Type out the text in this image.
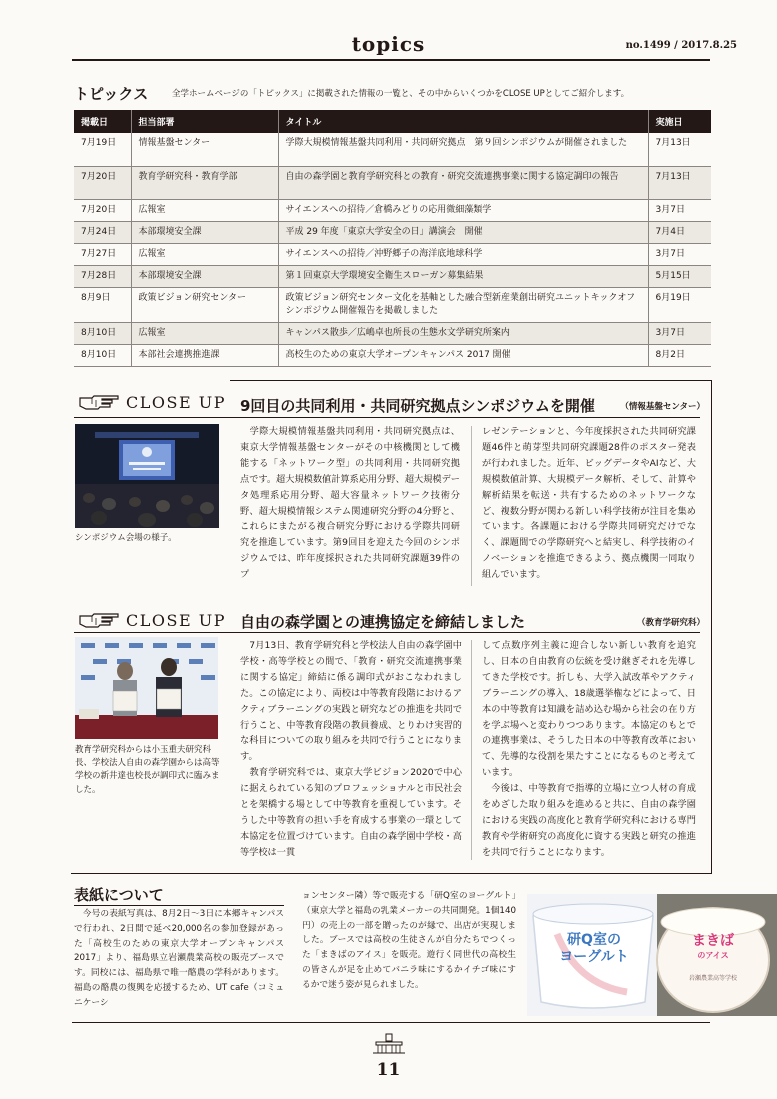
topics	no.1499 / 2017.8.25
トピックス	全学ホームページの「トピックス」に掲載された情報の一覧と、その中からいくつかをCLOSE UPとしてご紹介します。
掲載日	担当部署	タイトル	実施日
7月19日	情報基盤センター	学際大規模情報基盤共同利用・共同研究拠点　第９回シンポジウムが開催されました	7月13日
7月20日	教育学研究科・教育学部	自由の森学園と教育学研究科との教育・研究交流連携事業に関する協定調印の報告	7月13日
7月20日	広報室	サイエンスへの招待／倉橋みどりの応用微細藻類学	3月7日
7月24日	本部環境安全課	平成 29 年度「東京大学安全の日」講演会　開催	7月4日
7月27日	広報室	サイエンスへの招待／沖野郷子の海洋底地球科学	3月7日
7月28日	本部環境安全課	第１回東京大学環境安全衛生スローガン募集結果	5月15日
8月9日	政策ビジョン研究センター	政策ビジョン研究センター文化を基軸とした融合型新産業創出研究ユニットキックオフシンポジウム開催報告を掲載しました	6月19日
8月10日	広報室	キャンパス散歩／広嶋卓也所長の生態水文学研究所案内	3月7日
8月10日	本部社会連携推進課	高校生のための東京大学オープンキャンパス 2017 開催	8月2日
CLOSE UP 9回目の共同利用・共同研究拠点シンポジウムを開催	（情報基盤センター）
シンポジウム会場の様子。
　学際大規模情報基盤共同利用・共同研究拠点は、東京大学情報基盤センターがその中核機関として機能する「ネットワーク型」の共同利用・共同研究拠点です。超大規模数値計算系応用分野、超大規模データ処理系応用分野、超大容量ネットワーク技術分野、超大規模情報システム関連研究分野の4分野と、これらにまたがる複合研究分野における学際共同研究を推進しています。第9回目を迎えた今回のシンポジウムでは、昨年度採択された共同研究課題39件のプ
レゼンテーションと、今年度採択された共同研究課題46件と萌芽型共同研究課題28件のポスター発表が行われました。近年、ビッグデータやAIなど、大規模数値計算、大規模データ解析、そして、計算や解析結果を転送・共有するためのネットワークなど、複数分野が関わる新しい科学技術が注目を集めています。各課題における学際共同研究だけでなく、課題間での学際研究へと結実し、科学技術のイノベーションを推進できるよう、拠点機関一同取り組んでいます。
CLOSE UP 自由の森学園との連携協定を締結しました	（教育学研究科）
教育学研究科からは小玉重夫研究科長、学校法人自由の森学園からは高等学校の新井達也校長が調印式に臨みました。
　7月13日、教育学研究科と学校法人自由の森学園中学校・高等学校との間で、「教育・研究交流連携事業に関する協定」締結に係る調印式がおこなわれました。この協定により、両校は中等教育段階におけるアクティブラーニングの実践と研究などの推進を共同で行うこと、中等教育段階の教員養成、とりわけ実習的な科目についての取り組みを共同で行うことになります。
　教育学研究科では、東京大学ビジョン2020で中心に据えられている知のプロフェッショナルと市民社会とを架橋する場として中等教育を重視しています。そうした中等教育の担い手を育成する事業の一環として本協定を位置づけています。自由の森学園中学校・高等学校は一貫
して点数序列主義に迎合しない新しい教育を追究し、日本の自由教育の伝統を受け継ぎそれを先導してきた学校です。折しも、大学入試改革やアクティブラーニングの導入、18歳選挙権などによって、日本の中等教育は知識を詰め込む場から社会の在り方を学ぶ場へと変わりつつあります。本協定のもとでの連携事業は、そうした日本の中等教育改革において、先導的な役割を果たすことになるものと考えています。
　今後は、中等教育で指導的立場に立つ人材の育成をめざした取り組みを進めると共に、自由の森学園における実践の高度化と教育学研究科における専門教育や学術研究の高度化に資する実践と研究の推進を共同で行うことになります。
表紙について
　今号の表紙写真は、8月2日～3日に本郷キャンパスで行われ、2日間で延べ20,000名の参加登録があった「高校生のための東京大学オープンキャンパス2017」より、福島県立岩瀬農業高校の販売ブースです。同校には、福島県で唯一酪農の学科があります。福島の酪農の復興を応援するため、UT cafe（コミュニケーシ
ョンセンター隣）等で販売する「研Q室のヨーグルト」（東京大学と福島の乳業メーカーの共同開発。1個140円）の売上の一部を贈ったのが縁で、出店が実現しました。ブースでは高校の生徒さんが自分たちでつくった「まきばのアイス」を販売。遊行く同世代の高校生の皆さんが足を止めてバニラ味にするかイチゴ味にするかで迷う姿が見られました。
研Q室の
ヨーグルト
まきば
のアイス
岩瀬農業高等学校
11
